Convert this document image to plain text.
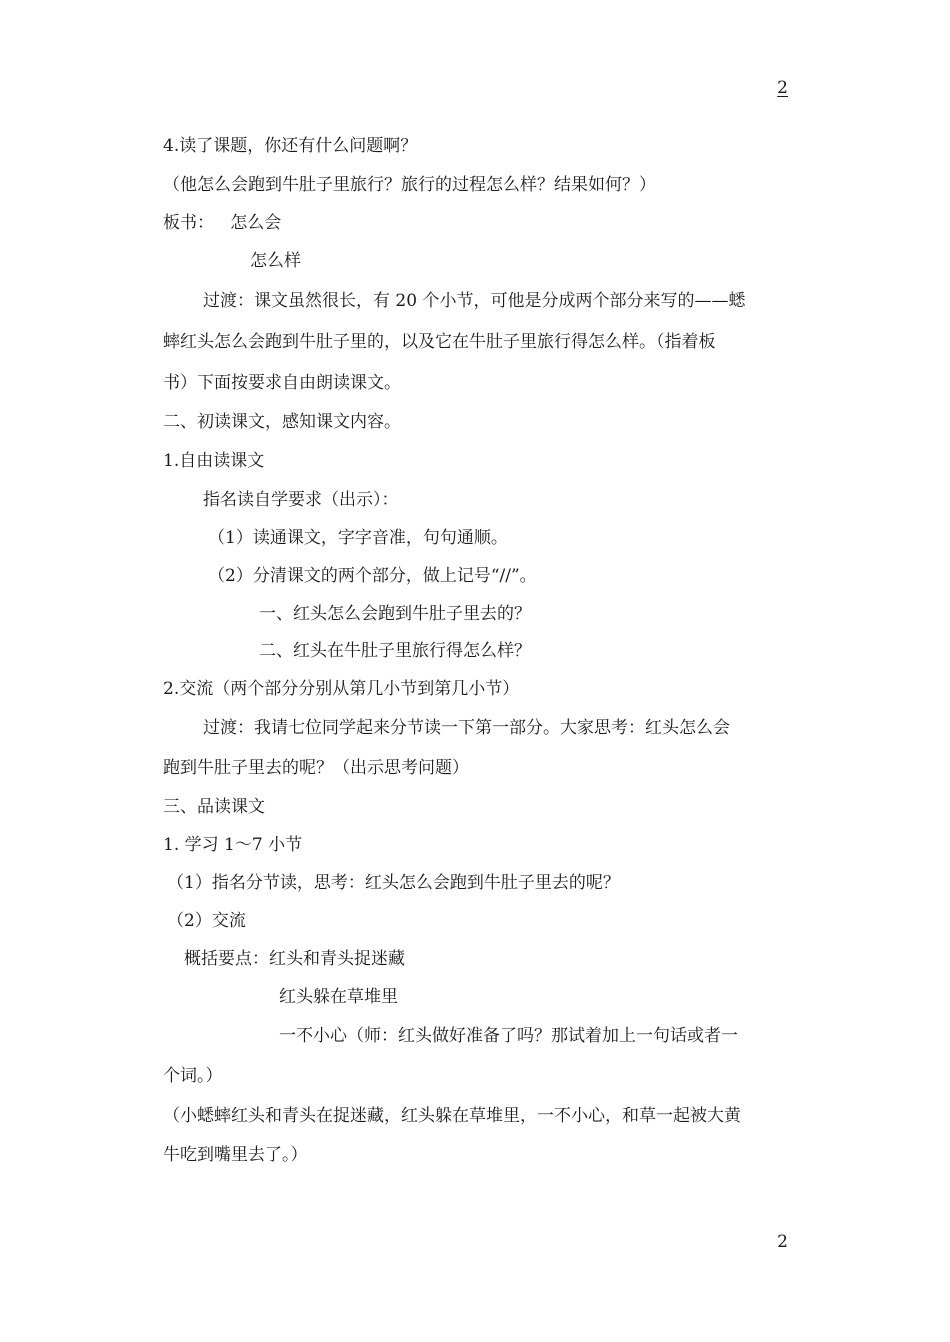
2
4.读了课题，你还有什么问题啊？
（他怎么会跑到牛肚子里旅行？旅行的过程怎么样？结果如何？）
板书：   怎么会
怎么样
过渡：课文虽然很长，有 20 个小节，可他是分成两个部分来写的——蟋
蟀红头怎么会跑到牛肚子里的，以及它在牛肚子里旅行得怎么样。（指着板
书）下面按要求自由朗读课文。
二、初读课文，感知课文内容。
1.自由读课文
指名读自学要求（出示）：
（1）读通课文，字字音准，句句通顺。
（2）分清课文的两个部分，做上记号“//”。
一、红头怎么会跑到牛肚子里去的？
二、红头在牛肚子里旅行得怎么样？
2.交流（两个部分分别从第几小节到第几小节）
过渡：我请七位同学起来分节读一下第一部分。大家思考：红头怎么会
跑到牛肚子里去的呢？（出示思考问题）
三、品读课文
1. 学习 1～7 小节
（1）指名分节读，思考：红头怎么会跑到牛肚子里去的呢？
（2）交流
概括要点：红头和青头捉迷藏
红头躲在草堆里
一不小心（师：红头做好准备了吗？那试着加上一句话或者一
个词。）
（小蟋蟀红头和青头在捉迷藏，红头躲在草堆里，一不小心，和草一起被大黄
牛吃到嘴里去了。）
2
